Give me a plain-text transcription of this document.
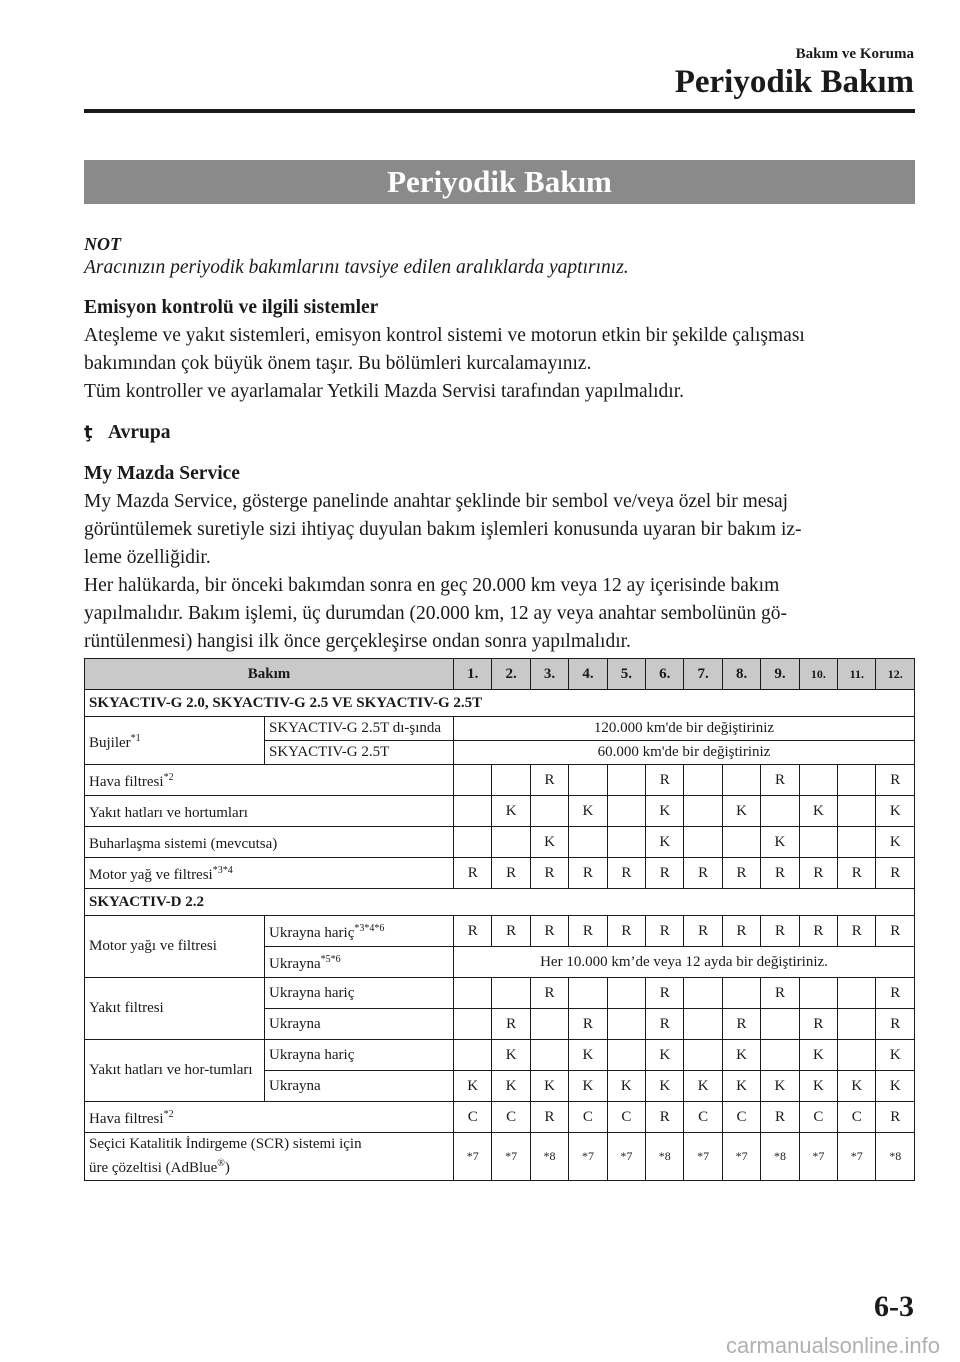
Bakım ve Koruma
Periyodik Bakım
Periyodik Bakım
NOT
Aracınızın periyodik bakımlarını tavsiye edilen aralıklarda yaptırınız.
Emisyon kontrolü ve ilgili sistemler
Ateşleme ve yakıt sistemleri, emisyon kontrol sistemi ve motorun etkin bir şekilde çalışması
bakımından çok büyük önem taşır. Bu bölümleri kurcalamayınız.
Tüm kontroller ve ayarlamalar Yetkili Mazda Servisi tarafından yapılmalıdır.
ţ Avrupa
My Mazda Service
My Mazda Service, gösterge panelinde anahtar şeklinde bir sembol ve/veya özel bir mesaj
görüntülemek suretiyle sizi ihtiyaç duyulan bakım işlemleri konusunda uyaran bir bakım iz-
leme özelliğidir.
Her halükarda, bir önceki bakımdan sonra en geç 20.000 km veya 12 ay içerisinde bakım
yapılmalıdır. Bakım işlemi, üç durumdan (20.000 km, 12 ay veya anahtar sembolünün gö-
rüntülenmesi) hangisi ilk önce gerçekleşirse ondan sonra yapılmalıdır.
Bakım		1.	2.	3.	4.	5.	6.	7.	8.	9.	10.	11.	12.
SKYACTIV-G 2.0, SKYACTIV-G 2.5 VE SKYACTIV-G 2.5T													
Bujiler$^{*1}$	SKYACTIV-G 2.5T dı-şında	120.000 km'de bir değiştiriniz											
	SKYACTIV-G 2.5T	60.000 km'de bir değiştiriniz											
Hava filtresi$^{*2}$				R			R			R			R
Yakıt hatları ve hortumları			K		K		K		K		K		K
Buharlaşma sistemi (mevcutsa)				K			K			K			K
Motor yağ ve filtresi$^{*3*4}$		R	R	R	R	R	R	R	R	R	R	R	R
SKYACTIV-D 2.2													
Motor yağı ve filtresi	Ukrayna hariç$^{*3*4*6}$	R	R	R	R	R	R	R	R	R	R	R	R
	Ukrayna$^{*5*6}$	Her 10.000 km’de veya 12 ayda bir değiştiriniz.											
Yakıt filtresi	Ukrayna hariç			R			R			R			R
	Ukrayna		R		R		R		R		R		R
Yakıt hatları ve hor-tumları	Ukrayna hariç		K		K		K		K		K		K
	Ukrayna	K	K	K	K	K	K	K	K	K	K	K	K
Hava filtresi$^{*2}$		C	C	R	C	C	R	C	C	R	C	C	R
Seçici Katalitik İndirgeme (SCR) sistemi için
üre çözeltisi (AdBlue®)		*7	*7	*8	*7	*7	*8	*7	*7	*8	*7	*7	*8
6-3
carmanualsonline.info
